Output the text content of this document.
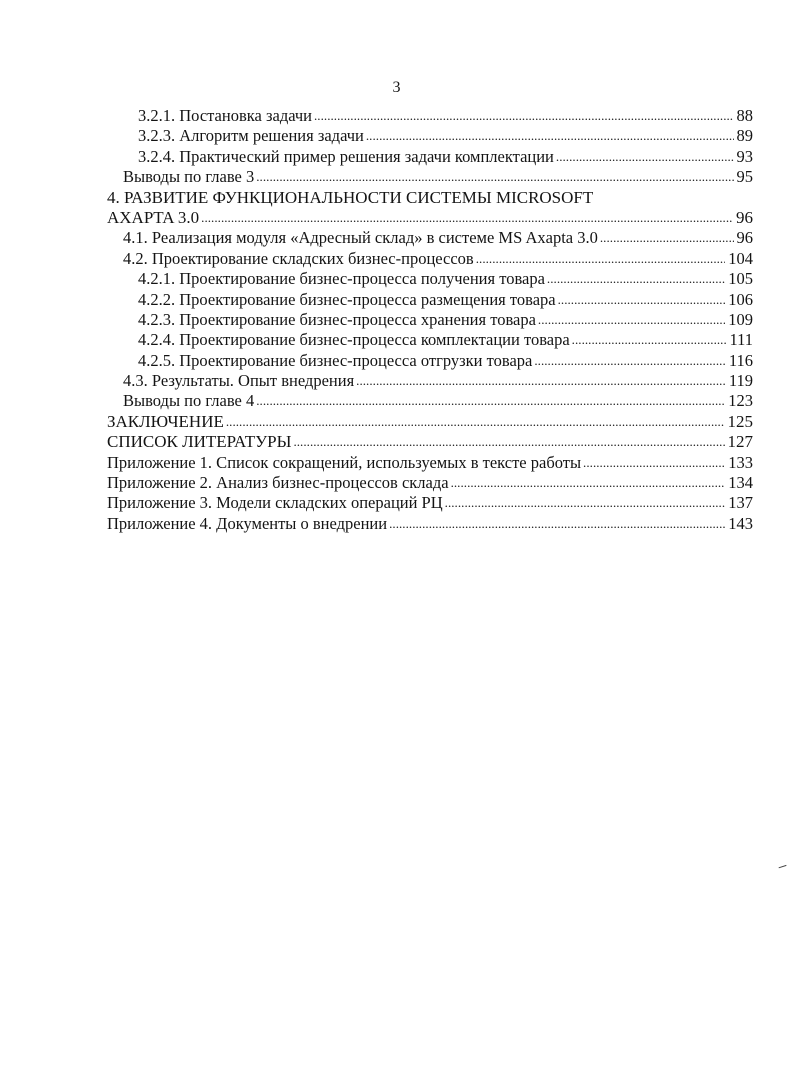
3
3.2.1. Постановка задачи . . .	88
3.2.3. Алгоритм решения задачи . . .	89
3.2.4. Практический пример решения задачи комплектации . . .	93
Выводы по главе 3 . . .	95
4. РАЗВИТИЕ ФУНКЦИОНАЛЬНОСТИ СИСТЕМЫ MICROSOFT
AXAPTA 3.0 . . .	96
4.1. Реализация модуля «Адресный склад» в системе MS Axapta 3.0 . . .	96
4.2. Проектирование складских бизнес-процессов . . .	104
4.2.1. Проектирование бизнес-процесса получения товара . . .	105
4.2.2. Проектирование бизнес-процесса размещения товара . . .	106
4.2.3. Проектирование бизнес-процесса хранения товара . . .	109
4.2.4. Проектирование бизнес-процесса комплектации товара . . .	111
4.2.5. Проектирование бизнес-процесса отгрузки товара . . .	116
4.3. Результаты. Опыт внедрения . . .	119
Выводы по главе 4 . . .	123
ЗАКЛЮЧЕНИЕ . . .	125
СПИСОК ЛИТЕРАТУРЫ . . .	127
Приложение 1. Список сокращений, используемых в тексте работы . . .	133
Приложение 2. Анализ бизнес-процессов склада . . .	134
Приложение 3. Модели складских операций РЦ . . .	137
Приложение 4. Документы о внедрении . . .	143
